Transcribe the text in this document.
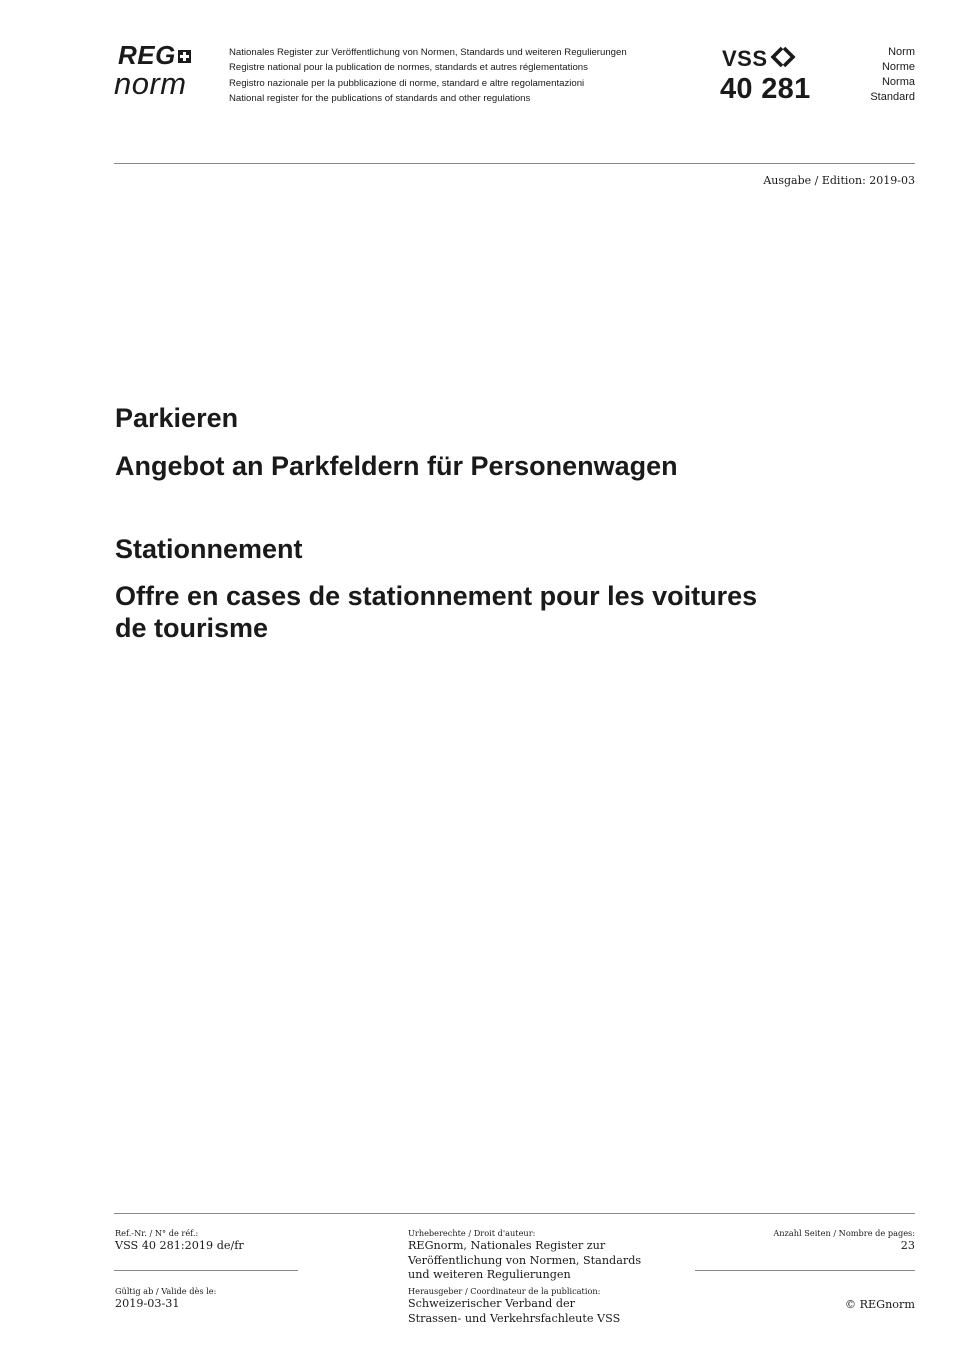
REG
norm
Nationales Register zur Veröffentlichung von Normen, Standards und weiteren Regulierungen
Registre national pour la publication de normes, standards et autres réglementations
Registro nazionale per la pubblicazione di norme, standard e altre regolamentazioni
National register for the publications of standards and other regulations
VSS
40 281
Norm
Norme
Norma
Standard
Ausgabe / Edition: 2019-03
Parkieren
Angebot an Parkfeldern für Personenwagen
Stationnement
Offre en cases de stationnement pour les voitures
de tourisme
Ref.-Nr. / N° de réf.:
VSS 40 281:2019 de/fr
Gültig ab / Valide dès le:
2019-03-31
Urheberechte / Droit d'auteur:
REGnorm, Nationales Register zur
Veröffentlichung von Normen, Standards
und weiteren Regulierungen
Herausgeber / Coordinateur de la publication:
Schweizerischer Verband der
Strassen- und Verkehrsfachleute VSS
Anzahl Seiten / Nombre de pages:
23
© REGnorm
